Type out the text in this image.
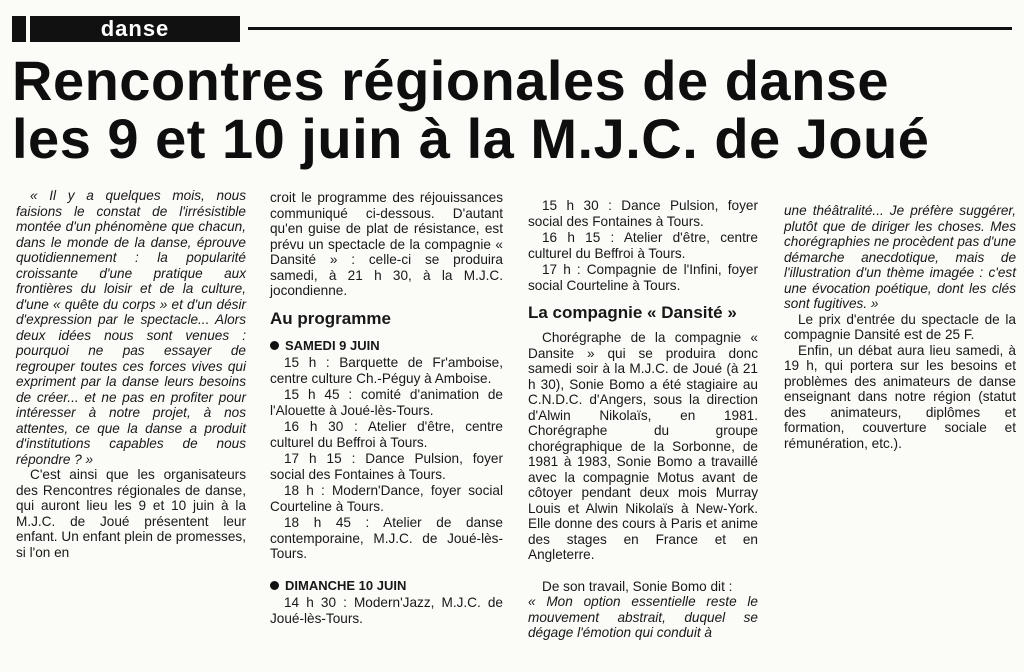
danse
Rencontres régionales de danse
les 9 et 10 juin à la M.J.C. de Joué

« Il y a quelques mois, nous faisions le constat de l'irrésistible montée d'un phénomène que chacun, dans le monde de la danse, éprouve quotidiennement : la popularité croissante d'une pratique aux frontières du loisir et de la culture, d'une « quête du corps » et d'un désir d'expression par le spectacle... Alors deux idées nous sont venues : pourquoi ne pas essayer de regrouper toutes ces forces vives qui expriment par la danse leurs besoins de créer... et ne pas en profiter pour intéresser à notre projet, à nos attentes, ce que la danse a produit d'institutions capables de nous répondre ? »

C'est ainsi que les organisateurs des Rencontres régionales de danse, qui auront lieu les 9 et 10 juin à la M.J.C. de Joué présentent leur enfant. Un enfant plein de promesses, si l'on en

croit le programme des réjouissances communiqué ci-dessous. D'autant qu'en guise de plat de résistance, est prévu un spectacle de la compagnie « Dansité » : celle-ci se produira samedi, à 21 h 30, à la M.J.C. jocondienne.

Au programme
SAMEDI 9 JUIN

15 h : Barquette de Fr'amboise, centre culture Ch.-Péguy à Amboise.

15 h 45 : comité d'animation de l'Alouette à Joué-lès-Tours.

16 h 30 : Atelier d'être, centre culturel du Beffroi à Tours.

17 h 15 : Dance Pulsion, foyer social des Fontaines à Tours.

18 h : Modern'Dance, foyer social Courteline à Tours.

18 h 45 : Atelier de danse contemporaine, M.J.C. de Joué-lès-Tours.

DIMANCHE 10 JUIN

14 h 30 : Modern'Jazz, M.J.C. de Joué-lès-Tours.

15 h 30 : Dance Pulsion, foyer social des Fontaines à Tours.

16 h 15 : Atelier d'être, centre culturel du Beffroi à Tours.

17 h : Compagnie de l'Infini, foyer social Courteline à Tours.

La compagnie « Dansité »

Chorégraphe de la compagnie « Dansite » qui se produira donc samedi soir à la M.J.C. de Joué (à 21 h 30), Sonie Bomo a été stagiaire au C.N.D.C. d'Angers, sous la direction d'Alwin Nikolaïs, en 1981. Chorégraphe du groupe chorégraphique de la Sorbonne, de 1981 à 1983, Sonie Bomo a travaillé avec la compagnie Motus avant de côtoyer pendant deux mois Murray Louis et Alwin Nikolaïs à New-York. Elle donne des cours à Paris et anime des stages en France et en Angleterre.

De son travail, Sonie Bomo dit :

« Mon option essentielle reste le mouvement abstrait, duquel se dégage l'émotion qui conduit à

une théâtralité... Je préfère suggérer, plutôt que de diriger les choses. Mes chorégraphies ne procèdent pas d'une démarche anecdotique, mais de l'illustration d'un thème imagée : c'est une évocation poétique, dont les clés sont fugitives. »

Le prix d'entrée du spectacle de la compagnie Dansité est de 25 F.

Enfin, un débat aura lieu samedi, à 19 h, qui portera sur les besoins et problèmes des animateurs de danse enseignant dans notre région (statut des animateurs, diplômes et formation, couverture sociale et rémunération, etc.).
